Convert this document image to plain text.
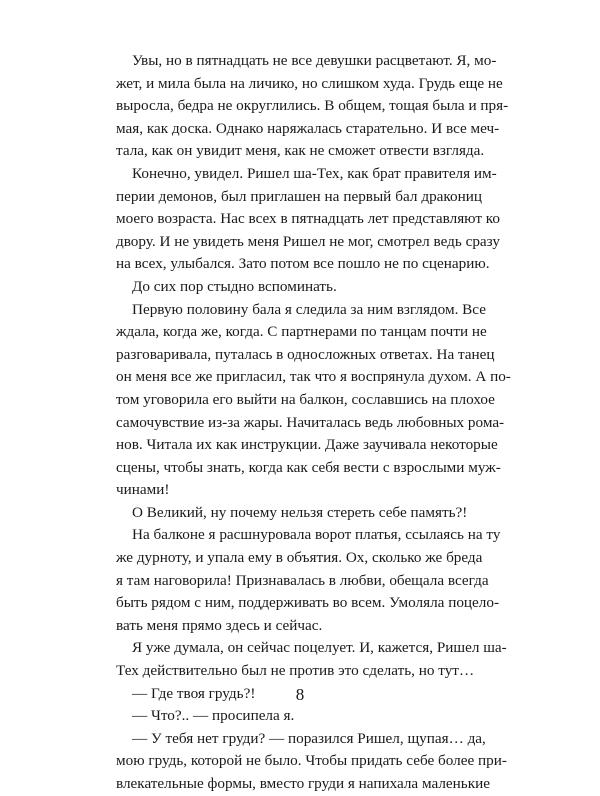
Увы, но в пятнадцать не все девушки расцветают. Я, мо-
жет, и мила была на личико, но слишком худа. Грудь еще не
выросла, бедра не округлились. В общем, тощая была и пря-
мая, как доска. Однако наряжалась старательно. И все меч-
тала, как он увидит меня, как не сможет отвести взгляда.
Конечно, увидел. Ришел ша-Тех, как брат правителя им-
перии демонов, был приглашен на первый бал дракониц
моего возраста. Нас всех в пятнадцать лет представляют ко
двору. И не увидеть меня Ришел не мог, смотрел ведь сразу
на всех, улыбался. Зато потом все пошло не по сценарию.
До сих пор стыдно вспоминать.
Первую половину бала я следила за ним взглядом. Все
ждала, когда же, когда. С партнерами по танцам почти не
разговаривала, путалась в односложных ответах. На танец
он меня все же пригласил, так что я воспрянула духом. А по-
том уговорила его выйти на балкон, сославшись на плохое
самочувствие из-за жары. Начиталась ведь любовных рома-
нов. Читала их как инструкции. Даже заучивала некоторые
сцены, чтобы знать, когда как себя вести с взрослыми муж-
чинами!
О Великий, ну почему нельзя стереть себе память?!
На балконе я расшнуровала ворот платья, ссылаясь на ту
же дурноту, и упала ему в объятия. Ох, сколько же бреда
я там наговорила! Признавалась в любви, обещала всегда
быть рядом с ним, поддерживать во всем. Умоляла поцело-
вать меня прямо здесь и сейчас.
Я уже думала, он сейчас поцелует. И, кажется, Ришел ша-
Тех действительно был не против это сделать, но тут…
— Где твоя грудь?!
— Что?.. — просипела я.
— У тебя нет груди? — поразился Ришел, щупая… да,
мою грудь, которой не было. Чтобы придать себе более при-
влекательные формы, вместо груди я напихала маленькие
8
